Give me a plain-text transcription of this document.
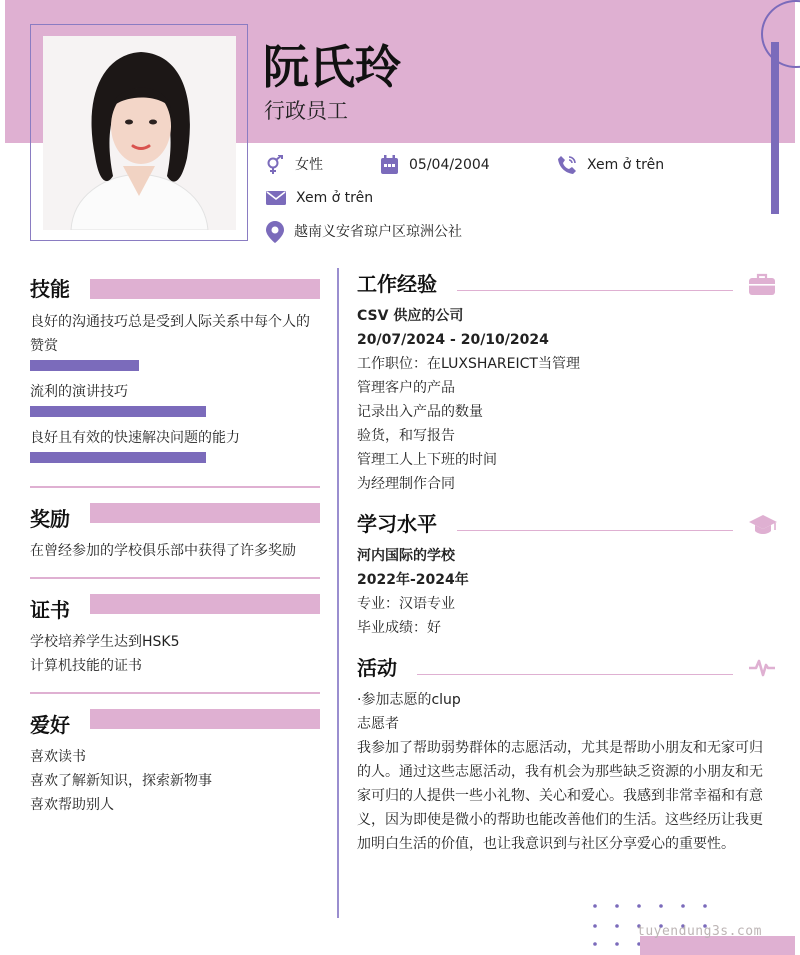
阮氏玲
行政员工
女性	05/04/2004	Xem ở trên
Xem ở trên
越南义安省琼户区琼洲公社
技能
良好的沟通技巧总是受到人际关系中每个人的
赞赏
流利的演讲技巧
良好且有效的快速解决问题的能力
奖励
在曾经参加的学校俱乐部中获得了许多奖励
证书
学校培养学生达到HSK5
计算机技能的证书
爱好
喜欢读书
喜欢了解新知识，探索新物事
喜欢帮助别人
工作经验
CSV 供应的公司
20/07/2024 - 20/10/2024
工作职位：在LUXSHAREICT当管理
管理客户的产品
记录出入产品的数量
验货，和写报告
管理工人上下班的时间
为经理制作合同
学习水平
河内国际的学校
2022年-2024年
专业：汉语专业
毕业成绩：好
活动
·参加志愿的clup
志愿者
我参加了帮助弱势群体的志愿活动，尤其是帮助小朋友和无家可归
的人。通过这些志愿活动，我有机会为那些缺乏资源的小朋友和无
家可归的人提供一些小礼物、关心和爱心。我感到非常幸福和有意
义，因为即使是微小的帮助也能改善他们的生活。这些经历让我更
加明白生活的价值，也让我意识到与社区分享爱心的重要性。
tuyendung3s.com
